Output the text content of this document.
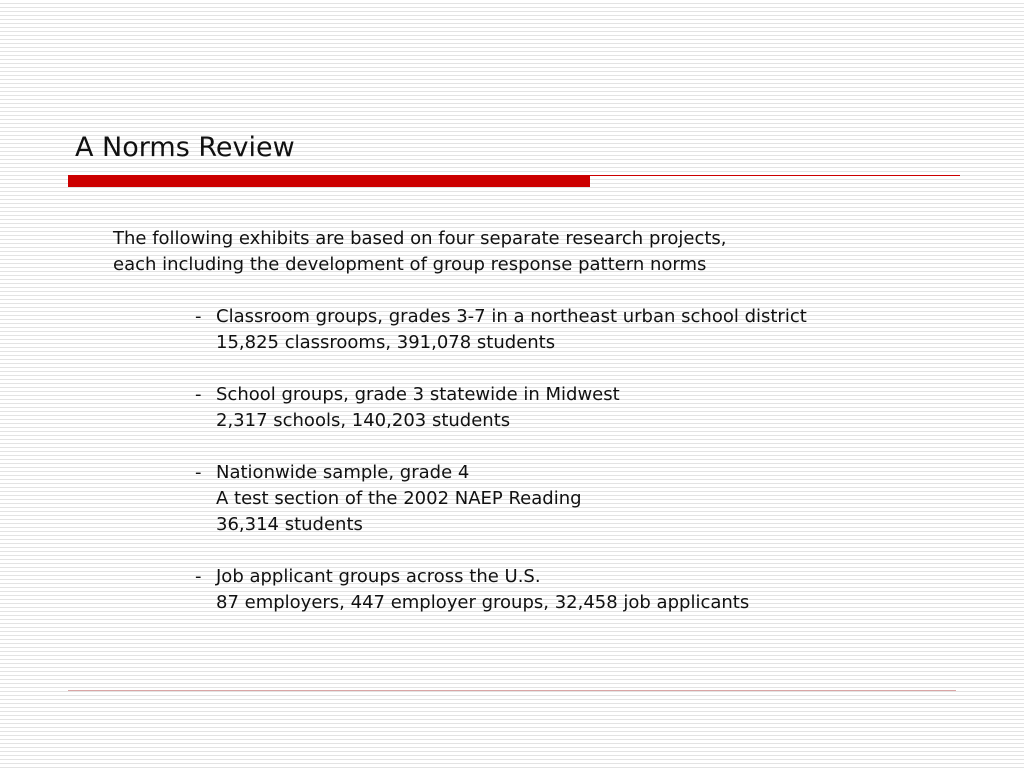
A Norms Review
The following exhibits are based on four separate research projects,
each including the development of group response pattern norms
- Classroom groups, grades 3-7 in a northeast urban school district
15,825 classrooms, 391,078 students
- School groups, grade 3 statewide in Midwest
2,317 schools, 140,203 students
- Nationwide sample, grade 4
A test section of the 2002 NAEP Reading
36,314 students
- Job applicant groups across the U.S.
87 employers, 447 employer groups, 32,458 job applicants
